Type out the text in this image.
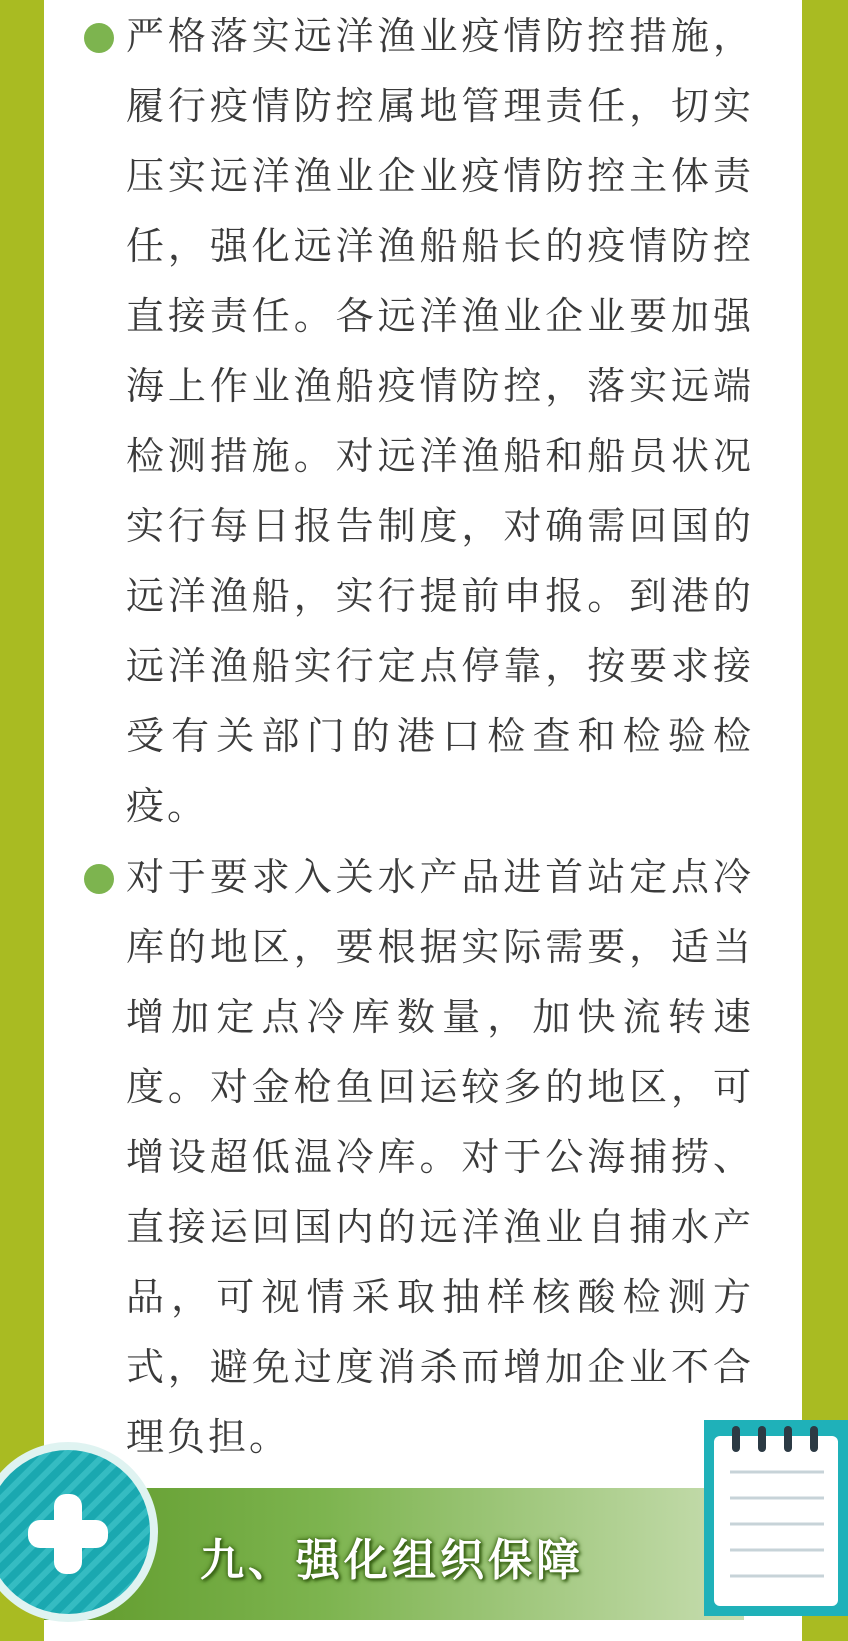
严格落实远洋渔业疫情防控措施，履行疫情防控属地管理责任，切实压实远洋渔业企业疫情防控主体责任，强化远洋渔船船长的疫情防控直接责任。各远洋渔业企业要加强海上作业渔船疫情防控，落实远端检测措施。对远洋渔船和船员状况实行每日报告制度，对确需回国的远洋渔船，实行提前申报。到港的远洋渔船实行定点停靠，按要求接受有关部门的港口检查和检验检疫。

对于要求入关水产品进首站定点冷库的地区，要根据实际需要，适当增加定点冷库数量，加快流转速度。对金枪鱼回运较多的地区，可增设超低温冷库。对于公海捕捞、直接运回国内的远洋渔业自捕水产品，可视情采取抽样核酸检测方式，避免过度消杀而增加企业不合理负担。

九、强化组织保障
